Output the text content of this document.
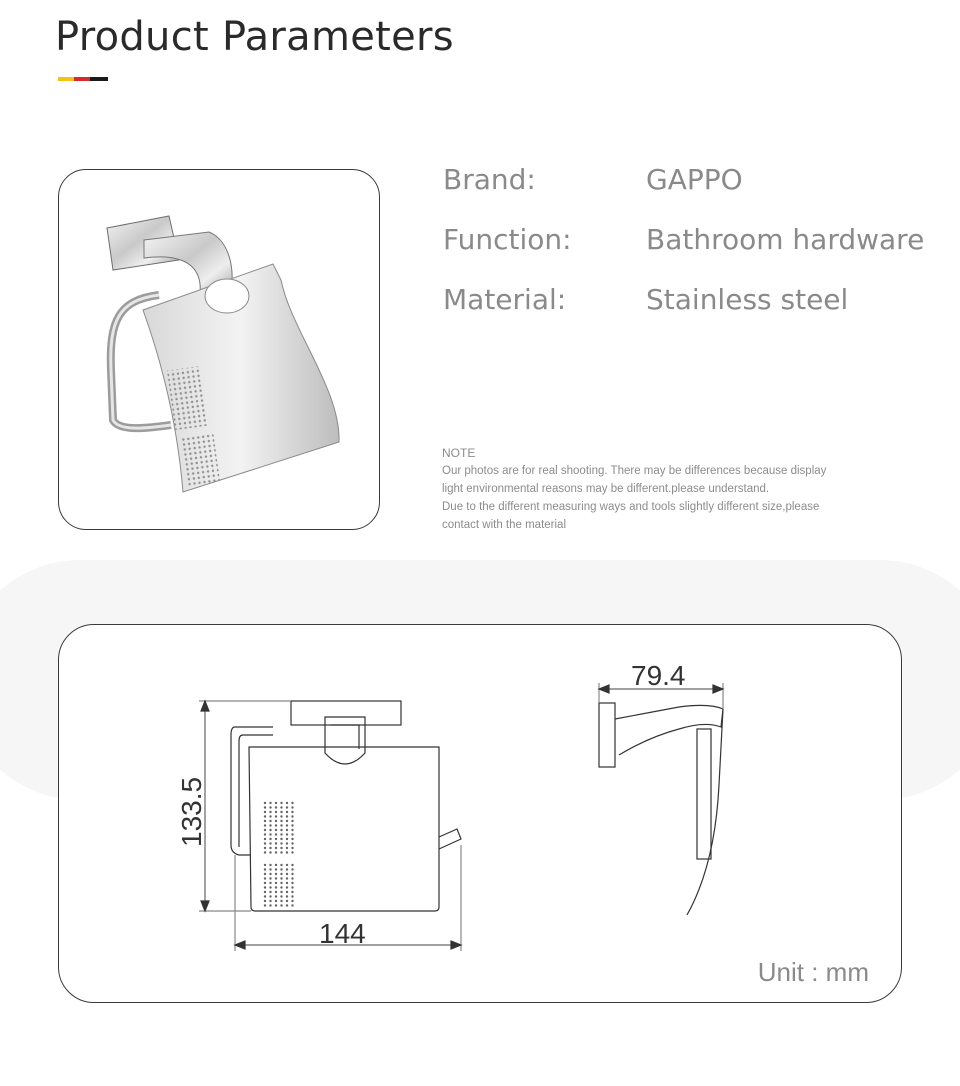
Product Parameters
Brand:	GAPPO
Function:	Bathroom hardware
Material:	Stainless steel
NOTE
Our photos are for real shooting. There may be differences because display
light environmental reasons may be different.please understand.
Due to the different measuring ways and tools slightly different size,please
contact with the material
133.5
144
79.4
Unit : mm
